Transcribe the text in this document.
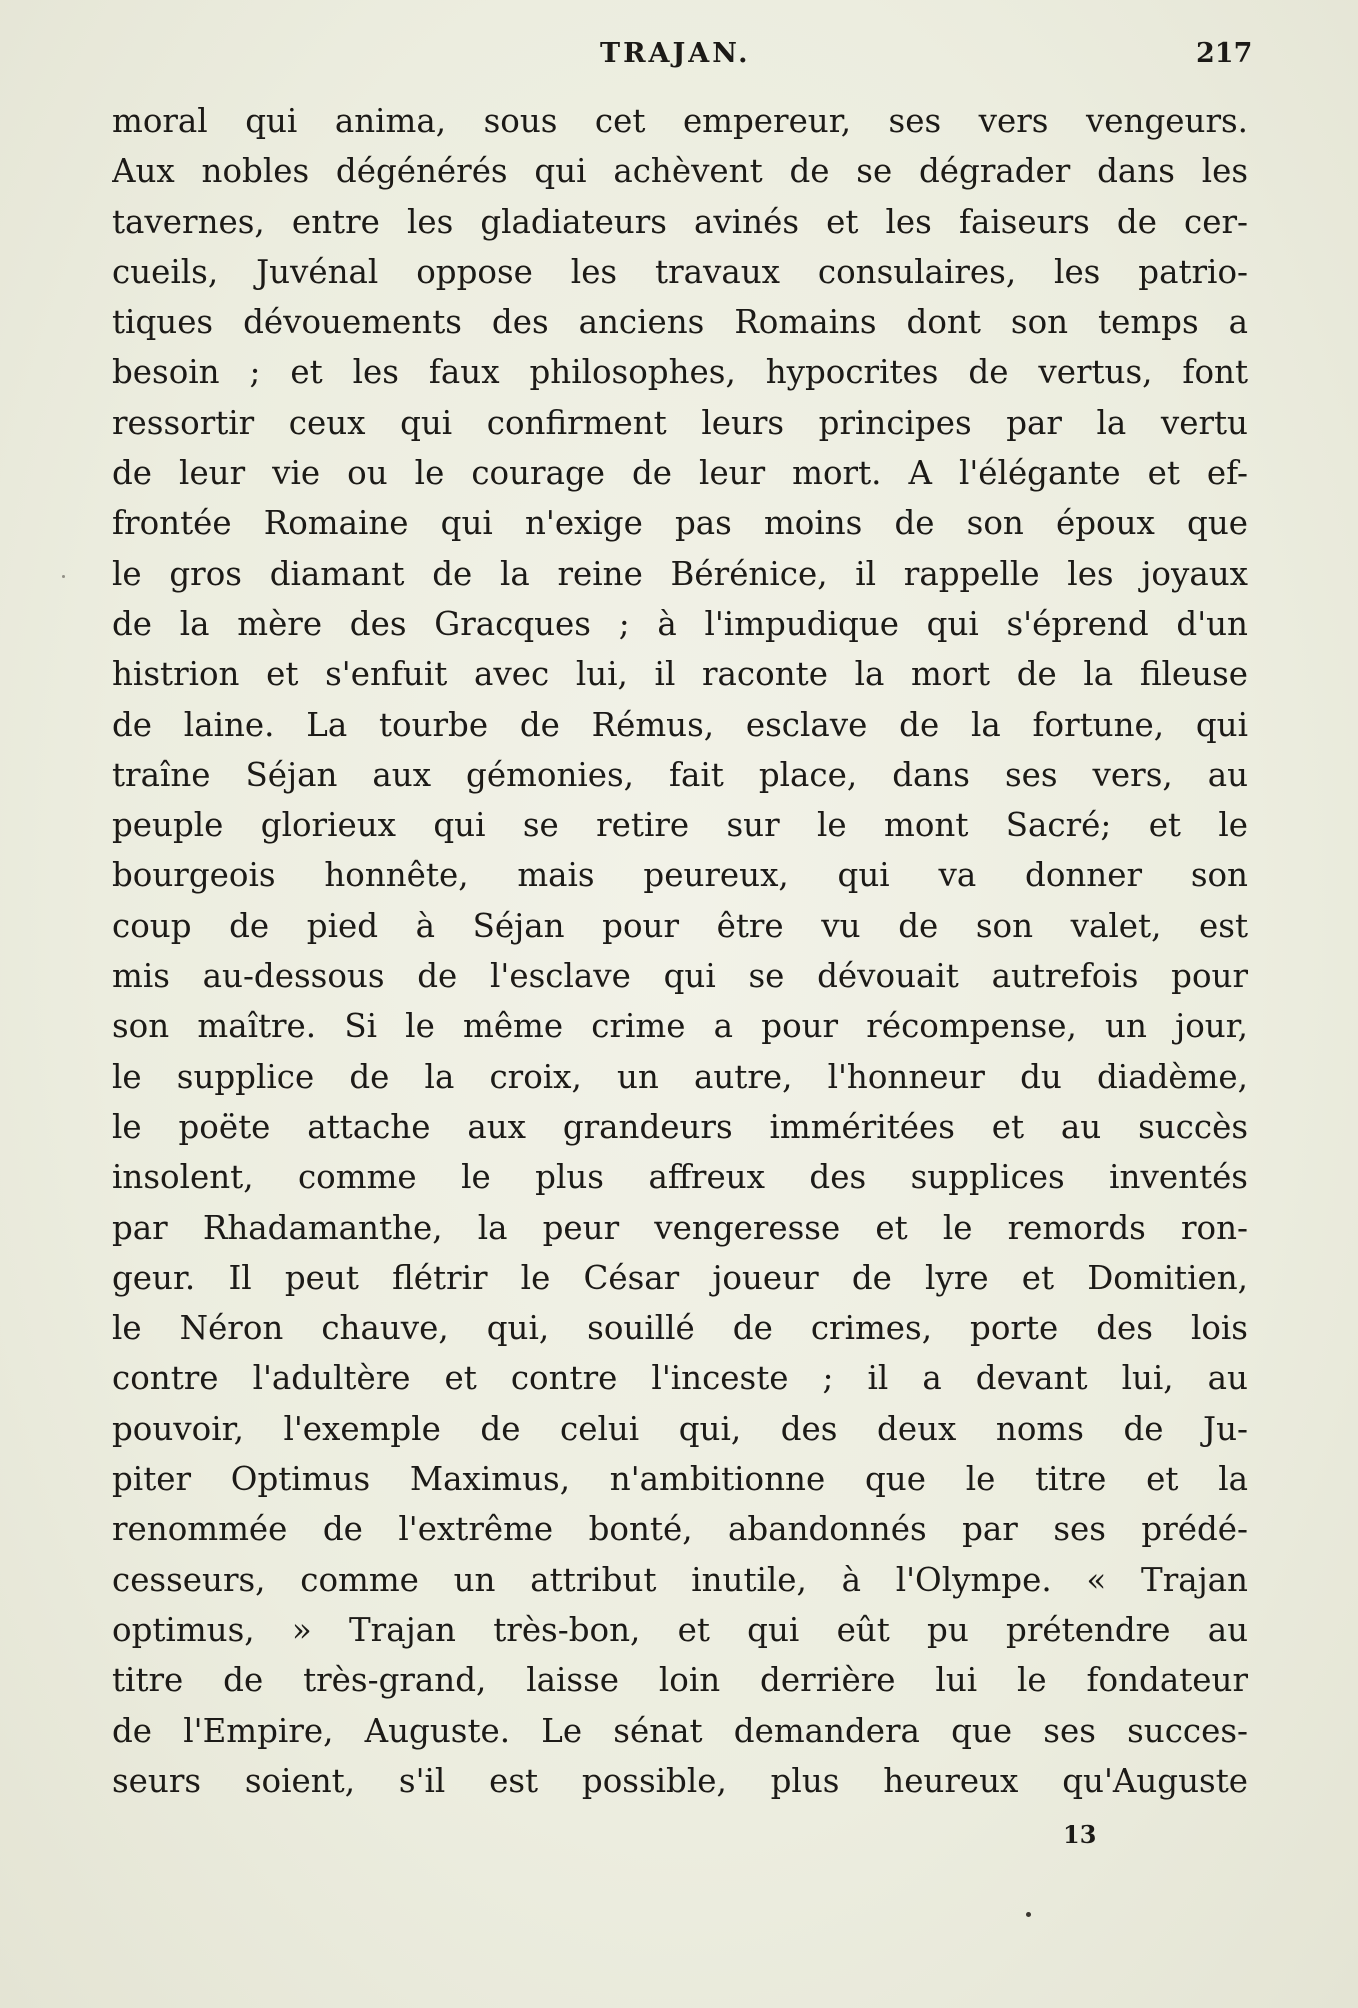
TRAJAN.	217
moral qui anima, sous cet empereur, ses vers vengeurs.
Aux nobles dégénérés qui achèvent de se dégrader dans les
tavernes, entre les gladiateurs avinés et les faiseurs de cer-
cueils, Juvénal oppose les travaux consulaires, les patrio-
tiques dévouements des anciens Romains dont son temps a
besoin ; et les faux philosophes, hypocrites de vertus, font
ressortir ceux qui confirment leurs principes par la vertu
de leur vie ou le courage de leur mort. A l'élégante et ef-
frontée Romaine qui n'exige pas moins de son époux que
le gros diamant de la reine Bérénice, il rappelle les joyaux
de la mère des Gracques ; à l'impudique qui s'éprend d'un
histrion et s'enfuit avec lui, il raconte la mort de la fileuse
de laine. La tourbe de Rémus, esclave de la fortune, qui
traîne Séjan aux gémonies, fait place, dans ses vers, au
peuple glorieux qui se retire sur le mont Sacré; et le
bourgeois honnête, mais peureux, qui va donner son
coup de pied à Séjan pour être vu de son valet, est
mis au-dessous de l'esclave qui se dévouait autrefois pour
son maître. Si le même crime a pour récompense, un jour,
le supplice de la croix, un autre, l'honneur du diadème,
le poëte attache aux grandeurs imméritées et au succès
insolent, comme le plus affreux des supplices inventés
par Rhadamanthe, la peur vengeresse et le remords ron-
geur. Il peut flétrir le César joueur de lyre et Domitien,
le Néron chauve, qui, souillé de crimes, porte des lois
contre l'adultère et contre l'inceste ; il a devant lui, au
pouvoir, l'exemple de celui qui, des deux noms de Ju-
piter Optimus Maximus, n'ambitionne que le titre et la
renommée de l'extrême bonté, abandonnés par ses prédé-
cesseurs, comme un attribut inutile, à l'Olympe. « Trajan
optimus, » Trajan très-bon, et qui eût pu prétendre au
titre de très-grand, laisse loin derrière lui le fondateur
de l'Empire, Auguste. Le sénat demandera que ses succes-
seurs soient, s'il est possible, plus heureux qu'Auguste
13
